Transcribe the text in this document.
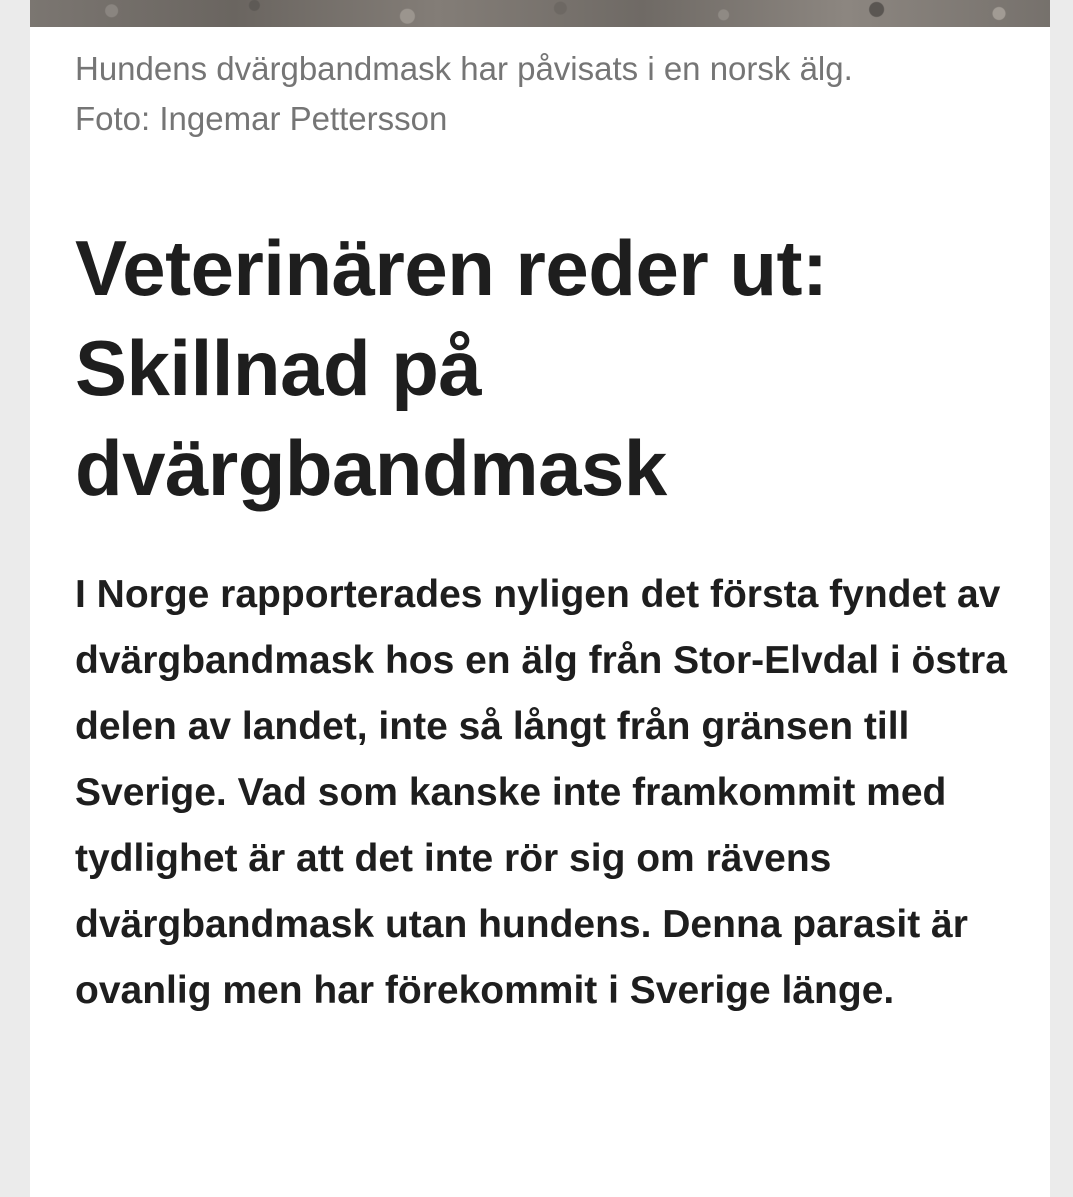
Hundens dvärgbandmask har påvisats i en norsk älg.
Foto: Ingemar Pettersson

Veterinären reder ut: Skillnad på dvärgbandmask

I Norge rapporterades nyligen det första fyndet av dvärgbandmask hos en älg från Stor-Elvdal i östra delen av landet, inte så långt från gränsen till Sverige. Vad som kanske inte framkommit med tydlighet är att det inte rör sig om rävens dvärgbandmask utan hundens. Denna parasit är ovanlig men har förekommit i Sverige länge.
